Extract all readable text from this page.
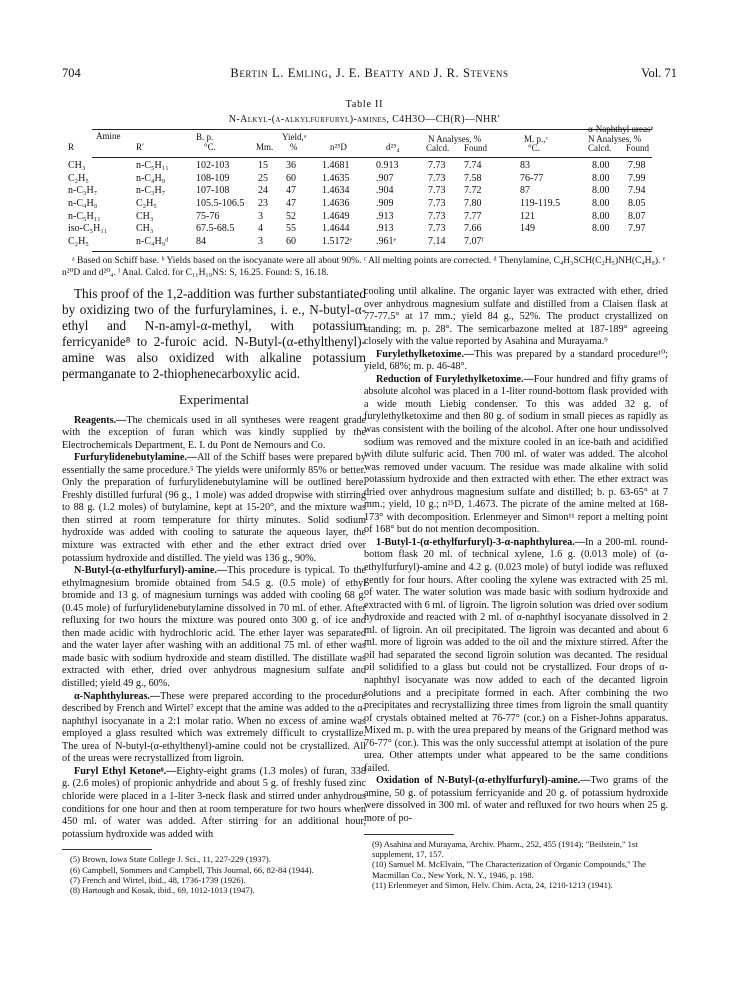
704	Bertin L. Emling, J. E. Beatty and J. R. Stevens	Vol. 71
Table II
N-Alkyl-(α-alkylfurfuryl)-amines, C4H3O—CH(R)—NHR′
Amine
R	R′
B. p.
°C.	Mm.
Yield,ᵃ
%	n²⁵D	d²⁵₄
N Analyses, %
Calcd. Found
α-Naphthyl ureasᵇ
M. p.,ᶜ
°C.
N Analyses, %
Calcd. Found
CH₃	n-C₅H₁₁	102-103	15 36	1.4681	0.913	7.73 7.74	83	8.00 7.98
C₂H₅	n-C₄H₉	108-109	25 60	1.4635	.907	7.73 7.58	76-77	8.00 7.99
n-C₃H₇	n-C₃H₇	107-108	24 47	1.4634	.904	7.73 7.72	87	8.00 7.94
n-C₄H₉	C₂H₅	105.5-106.5 23 47	1.4636	.909	7.73 7.80	119-119.5	8.00 8.05
n-C₅H₁₁	CH₃	75-76	3 52	1.4649	.913	7.73 7.77	121	8.00 8.07
iso-C₅H₁₁	CH₃	67.5-68.5 4 55	1.4644	.913	7.73 7.66	149	8.00 7.97
C₂H₅	n-C₄H₉ᵈ	84	3 60	1.5172ᵉ .961ᵉ	7.14 7.07ᶠ
ᵃ Based on Schiff base. ᵇ Yields based on the isocyanate were all about 90%. ᶜ All melting points are corrected. ᵈ Thenylamine, C₄H₃SCH(C₂H₅)NH(C₄H₉). ᵉ n²⁰D and d²⁰₄. ᶠ Anal. Calcd. for C₁₁H₁₉NS: S, 16.25. Found: S, 16.18.

This proof of the 1,2-addition was further substantiated by oxidizing two of the furfurylamines, i. e., N-butyl-α-ethyl and N-n-amyl-α-methyl, with potassium ferricyanide⁸ to 2-furoic acid. N-Butyl-(α-ethylthenyl)-amine was also oxidized with alkaline potassium permanganate to 2-thiophenecarboxylic acid.

Experimental

Reagents.—The chemicals used in all syntheses were reagent grade with the exception of furan which was kindly supplied by the Electrochemicals Department, E. I. du Pont de Nemours and Co.

Furfurylidenebutylamine.—All of the Schiff bases were prepared by essentially the same procedure.⁵ The yields were uniformly 85% or better. Only the preparation of furfurylidenebutylamine will be outlined here. Freshly distilled furfural (96 g., 1 mole) was added dropwise with stirring to 88 g. (1.2 moles) of butylamine, kept at 15-20°, and the mixture was then stirred at room temperature for thirty minutes. Solid sodium hydroxide was added with cooling to saturate the aqueous layer, the mixture was extracted with ether and the ether extract dried over potassium hydroxide and distilled. The yield was 136 g., 90%.

N-Butyl-(α-ethylfurfuryl)-amine.—This procedure is typical. To the ethylmagnesium bromide obtained from 54.5 g. (0.5 mole) of ethyl bromide and 13 g. of magnesium turnings was added with cooling 68 g. (0.45 mole) of furfurylidenebutylamine dissolved in 70 ml. of ether. After refluxing for two hours the mixture was poured onto 300 g. of ice and then made acidic with hydrochloric acid. The ether layer was separated and the water layer after washing with an additional 75 ml. of ether was made basic with sodium hydroxide and steam distilled. The distillate was extracted with ether, dried over anhydrous magnesium sulfate and distilled; yield 49 g., 60%.

α-Naphthylureas.—These were prepared according to the procedure described by French and Wirtel⁷ except that the amine was added to the α-naphthyl isocyanate in a 2:1 molar ratio. When no excess of amine was employed a glass resulted which was extremely difficult to crystallize. The urea of N-butyl-(α-ethylthenyl)-amine could not be crystallized. All of the ureas were recrystallized from ligroin.

Furyl Ethyl Ketone⁸.—Eighty-eight grams (1.3 moles) of furan, 338 g. (2.6 moles) of propionic anhydride and about 5 g. of freshly fused zinc chloride were placed in a 1-liter 3-neck flask and stirred under anhydrous conditions for one hour and then at room temperature for two hours when 450 ml. of water was added. After stirring for an additional hour, potassium hydroxide was added with

(5) Brown, Iowa State College J. Sci., 11, 227-229 (1937).

(6) Campbell, Sommers and Campbell, This Journal, 66, 82-84 (1944).

(7) French and Wirtel, ibid., 48, 1736-1739 (1926).

(8) Hartough and Kosak, ibid., 69, 1012-1013 (1947).

cooling until alkaline. The organic layer was extracted with ether, dried over anhydrous magnesium sulfate and distilled from a Claisen flask at 77-77.5° at 17 mm.; yield 84 g., 52%. The product crystallized on standing; m. p. 28°. The semicarbazone melted at 187-189° agreeing closely with the value reported by Asahina and Murayama.⁹

Furylethylketoxime.—This was prepared by a standard procedure¹⁰; yield, 68%; m. p. 46-48°.

Reduction of Furylethylketoxime.—Four hundred and fifty grams of absolute alcohol was placed in a 1-liter round-bottom flask provided with a wide mouth Liebig condenser. To this was added 32 g. of furylethylketoxime and then 80 g. of sodium in small pieces as rapidly as was consistent with the boiling of the alcohol. After one hour undissolved sodium was removed and the mixture cooled in an ice-bath and acidified with dilute sulfuric acid. Then 700 ml. of water was added. The alcohol was removed under vacuum. The residue was made alkaline with solid potassium hydroxide and then extracted with ether. The ether extract was dried over anhydrous magnesium sulfate and distilled; b. p. 63-65° at 7 mm.; yield, 10 g.; n²⁵D, 1.4673. The picrate of the amine melted at 168-173° with decomposition. Erlenmeyer and Simon¹¹ report a melting point of 168° but do not mention decomposition.

1-Butyl-1-(α-ethylfurfuryl)-3-α-naphthylurea.—In a 200-ml. round-bottom flask 20 ml. of technical xylene, 1.6 g. (0.013 mole) of (α-ethylfurfuryl)-amine and 4.2 g. (0.023 mole) of butyl iodide was refluxed gently for four hours. After cooling the xylene was extracted with 25 ml. of water. The water solution was made basic with sodium hydroxide and extracted with 6 ml. of ligroin. The ligroin solution was dried over sodium hydroxide and reacted with 2 ml. of α-naphthyl isocyanate dissolved in 2 ml. of ligroin. An oil precipitated. The ligroin was decanted and about 6 ml. more of ligroin was added to the oil and the mixture stirred. After the oil had separated the second ligroin solution was decanted. The residual oil solidified to a glass but could not be crystallized. Four drops of α-naphthyl isocyanate was now added to each of the decanted ligroin solutions and a precipitate formed in each. After combining the two precipitates and recrystallizing three times from ligroin the small quantity of crystals obtained melted at 76-77° (cor.) on a Fisher-Johns apparatus. Mixed m. p. with the urea prepared by means of the Grignard method was 76-77° (cor.). This was the only successful attempt at isolation of the pure urea. Other attempts under what appeared to be the same conditions failed.

Oxidation of N-Butyl-(α-ethylfurfuryl)-amine.—Two grams of the amine, 50 g. of potassium ferricyanide and 20 g. of potassium hydroxide were dissolved in 300 ml. of water and refluxed for two hours when 25 g. more of po-

(9) Asahina and Murayama, Archiv. Pharm., 252, 455 (1914); "Beilstein," 1st supplement, 17, 157.

(10) Samuel M. McElvain, "The Characterization of Organic Compounds," The Macmillan Co., New York, N. Y., 1946, p. 198.

(11) Erlenmeyer and Simon, Helv. Chim. Acta, 24, 1210-1213 (1941).
